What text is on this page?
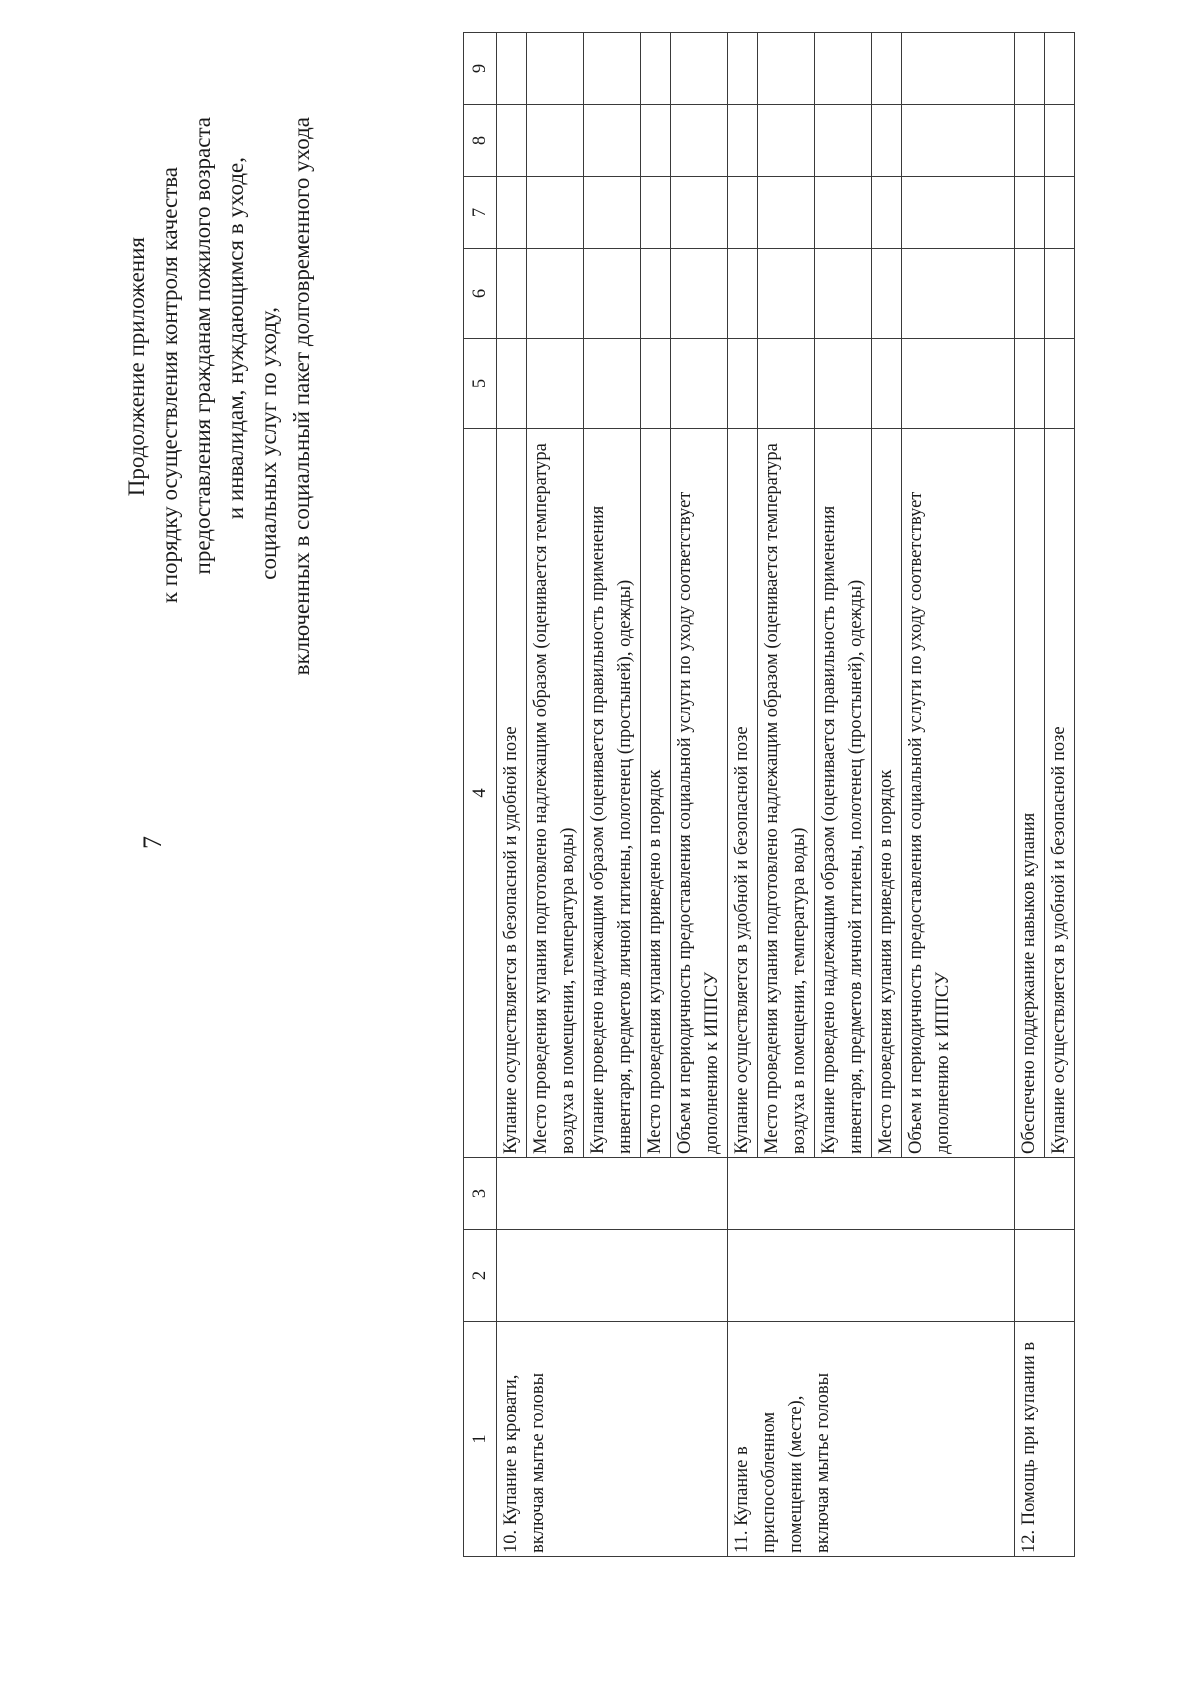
7
Продолжение приложения к порядку осуществления контроля качества предоставления гражданам пожилого возраста и инвалидам, нуждающимся в уходе, социальных услуг по уходу, включенных в социальный пакет долговременного ухода
1	2	3	4	5	6	7	8	9
10. Купание в кровати, включая мытье головы			Купание осуществляется в безопасной и удобной позе					
			Место проведения купания подготовлено надлежащим образом (оценивается температура воздуха в помещении, температура воды)					
			Купание проведено надлежащим образом (оценивается правильность применения инвентаря, предметов личной гигиены, полотенец (простыней), одежды)					
			Место проведения купания приведено в порядок					
			Объем и периодичность предоставления социальной услуги по уходу соответствует дополнению к ИППСУ					
11. Купание в приспособленном помещении (месте), включая мытье головы			Купание осуществляется в удобной и безопасной позе					
			Место проведения купания подготовлено надлежащим образом (оценивается температура воздуха в помещении, температура воды)					
			Купание проведено надлежащим образом (оценивается правильность применения инвентаря, предметов личной гигиены, полотенец (простыней), одежды)					
			Место проведения купания приведено в порядок					
			Объем и периодичность предоставления социальной услуги по уходу соответствует дополнению к ИППСУ					
12. Помощь при купании в			Обеспечено поддержание навыков купания					
			Купание осуществляется в удобной и безопасной позе					
